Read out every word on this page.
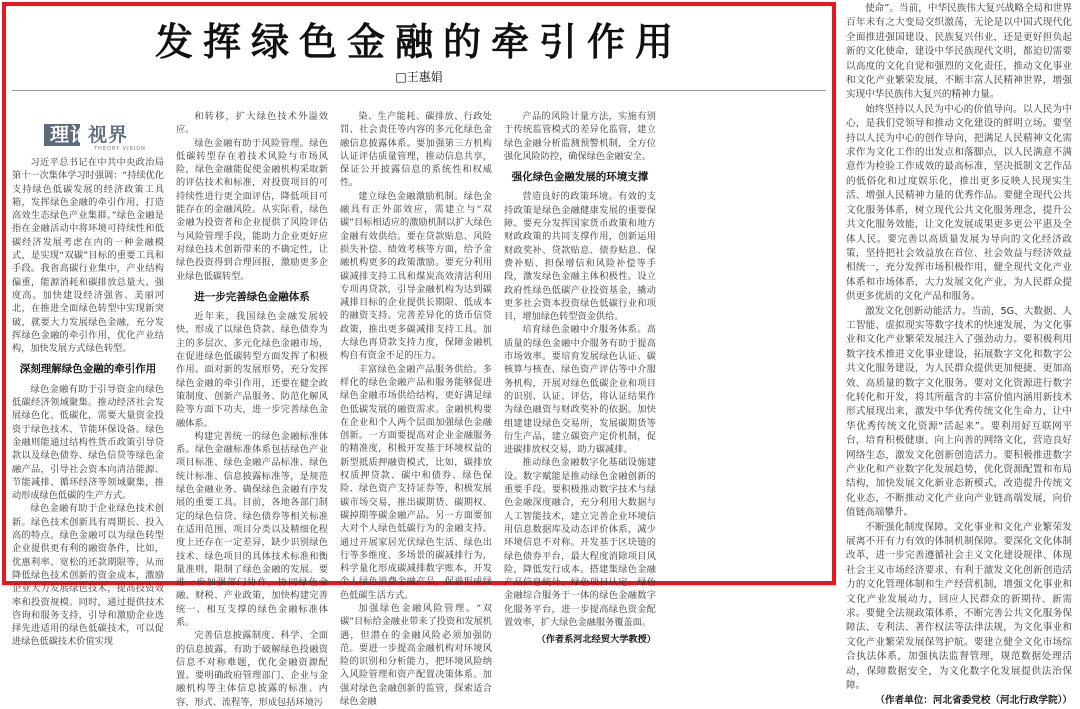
发挥绿色金融的牵引作用
□王惠娟
理论
视界
THEORY VISION

习近平总书记在中共中央政治局第十一次集体学习时强调：“持续优化支持绿色低碳发展的经济政策工具箱，发挥绿色金融的牵引作用，打造高效生态绿色产业集群。”绿色金融是指在金融活动中将环境可持续性和低碳经济发展考虑在内的一种金融模式，是实现“双碳”目标的重要工具和手段。我省高碳行业集中，产业结构偏重，能源消耗和碳排放总量大、强度高。加快建设经济强省、美丽河北，在推进全面绿色转型中实现新突破，就要大力发展绿色金融，充分发挥绿色金融的牵引作用，优化产业结构，加快发展方式绿色转型。

深刻理解绿色金融的牵引作用

绿色金融有助于引导资金向绿色低碳经济领域聚集。推动经济社会发展绿色化、低碳化，需要大量资金投资于绿色技术、节能环保设备。绿色金融则能通过结构性货币政策引导贷款以及绿色债券、绿色信贷等绿色金融产品，引导社会资本向清洁能源、节能减排、循环经济等领域聚集，推动形成绿色低碳的生产方式。

绿色金融有助于企业绿色技术创新。绿色技术创新具有周期长、投入高的特点。绿色金融可以为绿色转型企业提供更有利的融资条件，比如，优惠利率、宽松的还款期限等，从而降低绿色技术创新的资金成本，激励企业大力发展绿色技术，提高投资效率和投资规模。同时，通过提供技术咨询和服务支持，引导和激励企业选择先进适用的绿色低碳技术，可以促进绿色低碳技术价值实现

和转移，扩大绿色技术外溢效应。

绿色金融有助于风险管理。绿色低碳转型存在着技术风险与市场风险，绿色金融能促使金融机构采取新的评估技术和标准，对投资项目的可持续性进行更全面评估，降低项目可能存在的金融风险。从实际看，绿色金融为投资者和企业提供了风险评估与风险管理手段，能助力企业更好应对绿色技术创新带来的不确定性，让绿色投资得到合理回报，激励更多企业绿色低碳转型。

进一步完善绿色金融体系

近年来，我国绿色金融发展较快，形成了以绿色贷款、绿色债券为主的多层次、多元化绿色金融市场，在促进绿色低碳转型方面发挥了积极作用。面对新的发展形势，充分发挥绿色金融的牵引作用，还要在健全政策制度、创新产品服务、防范化解风险等方面下功夫，进一步完善绿色金融体系。

构建完善统一的绿色金融标准体系。绿色金融标准体系包括绿色产业项目标准、绿色金融产品标准、绿色统计标准、信息披露标准等，是规范绿色金融业务、确保绿色金融有序发展的重要工具。目前，各地各部门制定的绿色信贷、绿色债券等相关标准在适用范围、项目分类以及精细化程度上还存在一定差异，缺少识别绿色技术、绿色项目的具体技术标准和衡量准则，限制了绿色金融的发展。要进一步加强部门协作，协同绿色金融、财税、产业政策，加快构建完善统一、相互支撑的绿色金融标准体系。

完善信息披露制度、科学、全面的信息披露，有助于破解绿色投融资信息不对称难题，优化金融资源配置。要明确政府管理部门、企业与金融机构等主体信息披露的标准、内容、形式、流程等，形成包括环境污

染、生产能耗、碳排放、行政处罚、社会责任等内容的多元化绿色金融信息披露体系。要加强第三方机构认证评估质量管理，推动信息共享，保证公开披露信息的系统性和权威性。

建立绿色金融激励机制。绿色金融具有正外部效应，需建立与“双碳”目标相适应的激励机制以扩大绿色金融有效供给。要在贷款贴息、风险损失补偿、绩效考核等方面，给予金融机构更多的政策激励。要充分利用碳减排支持工具和煤炭高效清洁利用专项再贷款，引导金融机构为达到碳减排目标的企业提供长期限、低成本的融资支持。完善差异化的货币信贷政策，推出更多碳减排支持工具。加大绿色再贷款支持力度，保障金融机构自有资金不足的压力。

丰富绿色金融产品服务供给。多样化的绿色金融产品和服务能够促进绿色金融市场供给结构，更好满足绿色低碳发展的融资需求。金融机构要在企业和个人两个层面加强绿色金融创新。一方面要提高对企业金融服务的精准度，积极开发基于环境权益的新型抵质押融资模式，比如，碳排放权质押贷款、碳中和债券、绿色保险、绿色资产支持证券等，积极发展碳市场交易，推出碳期货、碳期权、碳掉期等碳金融产品。另一方面要加大对个人绿色低碳行为的金融支持。通过开展家居光伏绿色生活、绿色出行等多维度、多场景的碳减排行为，科学量化形成碳减排数字账本，开发个人绿色消费金融产品，促进形成绿色低碳生活方式。

加强绿色金融风险管理。“双碳”目标给金融业带来了投资和发展机遇，但潜在的金融风险必须加强防范。要进一步提高金融机构对环境风险的识别和分析能力，把环境风险纳入风险管理和资产配置决策体系。加强对绿色金融创新的监管，探索适合绿色金融

产品的风险计量方法，实施有别于传统监管模式的差异化监管，建立绿色金融分析监测预警机制，全方位强化风险防控，确保绿色金融安全。

强化绿色金融发展的环境支撑

营造良好的政策环境。有效的支持政策是绿色金融健康发展的重要保障。要充分发挥国家货币政策和地方财政政策的共同支撑作用，创新运用财政奖补、贷款贴息、债券贴息、保费补贴、担保增信和风险补偿等手段，激发绿色金融主体积极性。设立政府性绿色低碳产业投资基金，撬动更多社会资本投资绿色低碳行业和项目，增加绿色转型资金供给。

培育绿色金融中介服务体系。高质量的绿色金融中介服务有助于提高市场效率。要培育发展绿色认证、碳核算与核查、绿色资产评估等中介服务机构，开展对绿色低碳企业和项目的识别、认证、评估，将认证结果作为绿色融资与财政奖补的依据。加快组建建设绿色交易所，发展碳期货等衍生产品，建立碳资产定价机制，促进碳排放权交易，助力碳减排。

推动绿色金融数字化基础设施建设。数字赋能是推动绿色金融创新的重要手段。要积极推动数字技术与绿色金融深度融合，充分利用大数据与人工智能技术，建立完善企业环境信用信息数据库及动态评价体系，减少环境信息不对称。开发基于区块链的绿色债券平台，最大程度消除项目风险，降低发行成本。搭建集绿色金融产品信息统计、绿色项目认定、绿色金融综合服务于一体的绿色金融数字化服务平台，进一步提高绿色资金配置效率，扩大绿色金融服务覆盖面。

（作者系河北经贸大学教授）

使命”。当前，中华民族伟大复兴战略全局和世界百年未有之大变局交织激荡，无论是以中国式现代化全面推进强国建设、民族复兴伟业，还是更好担负起新的文化使命，建设中华民族现代文明，都迫切需要以高度的文化自觉和强烈的文化责任，推动文化事业和文化产业繁荣发展，不断丰富人民精神世界，增强实现中华民族伟大复兴的精神力量。

始终坚持以人民为中心的价值导向。以人民为中心，是我们党领导和推动文化建设的鲜明立场。要坚持以人民为中心的创作导向，把满足人民精神文化需求作为文化工作的出发点和落脚点，以人民满意不满意作为检验工作成效的最高标准，坚决抵制文艺作品的低俗化和过度娱乐化，推出更多反映人民现实生活、增强人民精神力量的优秀作品。要健全现代公共文化服务体系，树立现代公共文化服务理念，提升公共文化服务效能，让文化发展成果更多更公平惠及全体人民。要完善以高质量发展为导向的文化经济政策，坚持把社会效益放在首位、社会效益与经济效益相统一，充分发挥市场积极作用，健全现代文化产业体系和市场体系，大力发展文化产业，为人民群众提供更多优质的文化产品和服务。

激发文化创新动能活力。当前，5G、大数据、人工智能、虚拟现实等数字技术的快速发展，为文化事业和文化产业繁荣发展注入了强劲动力。要积极利用数字技术推进文化事业建设，拓展数字文化和数字公共文化服务建设，为人民群众提供更加便捷、更加高效、高质量的数字文化服务。要对文化资源进行数字化转化和开发，将其所蕴含的丰富价值内涵用新技术形式展现出来，激发中华优秀传统文化生命力，让中华优秀传统文化资源“活起来”。要利用好互联网平台，培育积极健康、向上向善的网络文化，营造良好网络生态，激发文化创新创造活力。要积极推进数字产业化和产业数字化发展趋势，优化资源配置和布局结构，加快发展文化新业态新模式，改造提升传统文化业态，不断推动文化产业向产业链高端发展，向价值链高端攀升。

不断强化制度保障。文化事业和文化产业繁荣发展离不开有力有效的体制机制保障。要深化文化体制改革，进一步完善遵循社会主义文化建设规律、体现社会主义市场经济要求、有利于激发文化创新创造活力的文化管理体制和生产经营机制，增强文化事业和文化产业发展动力，回应人民群众的新期待、新需求。要健全法规政策体系，不断完善公共文化服务保障法、专利法、著作权法等法律法规，为文化事业和文化产业繁荣发展保驾护航。要建立健全文化市场综合执法体系，加强执法监督管理，规范数据处理活动，保障数据安全，为文化数字化发展提供法治保障。

（作者单位：河北省委党校（河北行政学院））
